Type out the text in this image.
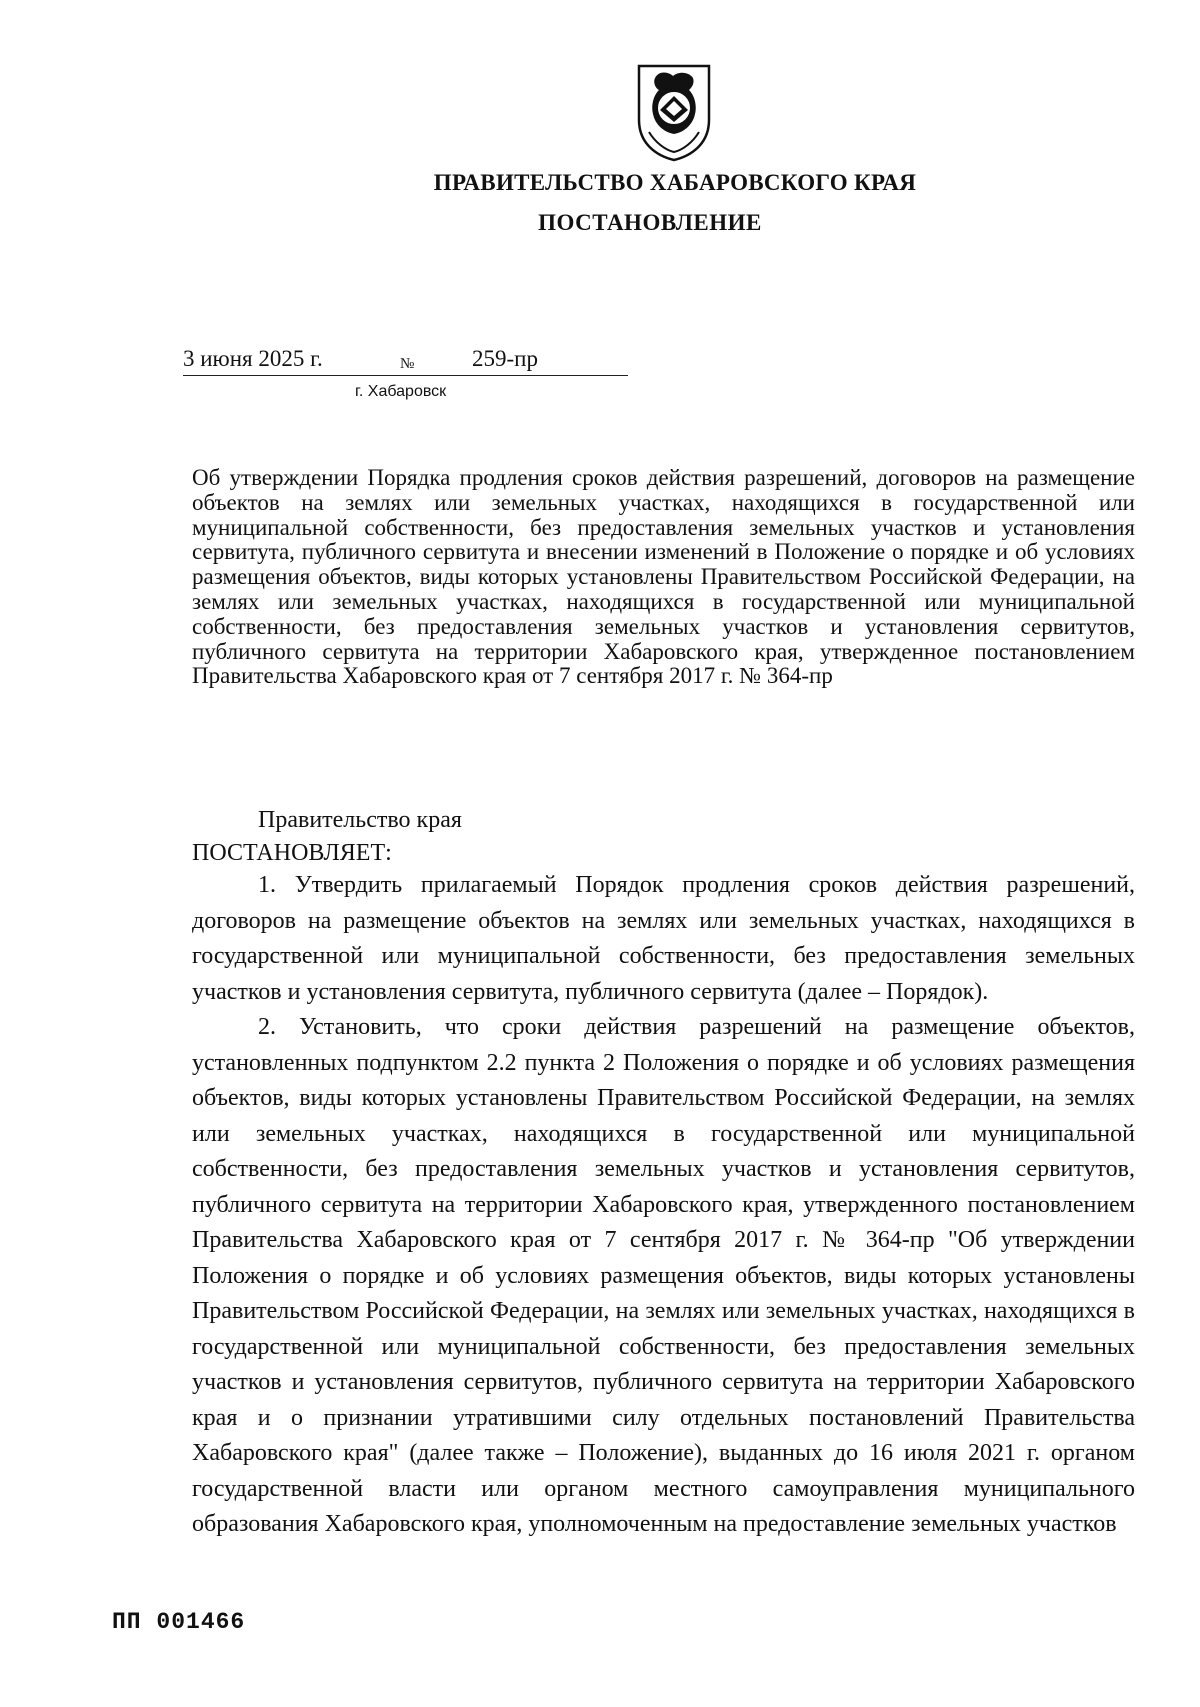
ПРАВИТЕЛЬСТВО ХАБАРОВСКОГО КРАЯ
ПОСТАНОВЛЕНИЕ
3 июня 2025 г.	№	259-пр
г. Хабаровск
Об утверждении Порядка продления сроков действия разрешений, договоров на размещение объектов на землях или земельных участках, находящихся в государственной или муниципальной собственности, без предоставления земельных участков и установления сервитута, публичного сервитута и внесении изменений в Положение о порядке и об условиях размещения объектов, виды которых установлены Правительством Российской Федерации, на землях или земельных участках, находящихся в государственной или муниципальной собственности, без предоставления земельных участков и установления сервитутов, публичного сервитута на территории Хабаровского края, утвержденное постановлением Правительства Хабаровского края от 7 сентября 2017 г. № 364-пр
Правительство края
ПОСТАНОВЛЯЕТ:

1. Утвердить прилагаемый Порядок продления сроков действия разрешений, договоров на размещение объектов на землях или земельных участках, находящихся в государственной или муниципальной собственности, без предоставления земельных участков и установления сервитута, публичного сервитута (далее – Порядок).

2. Установить, что сроки действия разрешений на размещение объектов, установленных подпунктом 2.2 пункта 2 Положения о порядке и об условиях размещения объектов, виды которых установлены Правительством Российской Федерации, на землях или земельных участках, находящихся в государственной или муниципальной собственности, без предоставления земельных участков и установления сервитутов, публичного сервитута на территории Хабаровского края, утвержденного постановлением Правительства Хабаровского края от 7 сентября 2017 г. № 364-пр "Об утверждении Положения о порядке и об условиях размещения объектов, виды которых установлены Правительством Российской Федерации, на землях или земельных участках, находящихся в государственной или муниципальной собственности, без предоставления земельных участков и установления сервитутов, публичного сервитута на территории Хабаровского края и о признании утратившими силу отдельных постановлений Правительства Хабаровского края" (далее также – Положение), выданных до 16 июля 2021 г. органом государственной власти или органом местного самоуправления муниципального образования Хабаровского края, уполномоченным на предоставление земельных участков

ПП 001466
